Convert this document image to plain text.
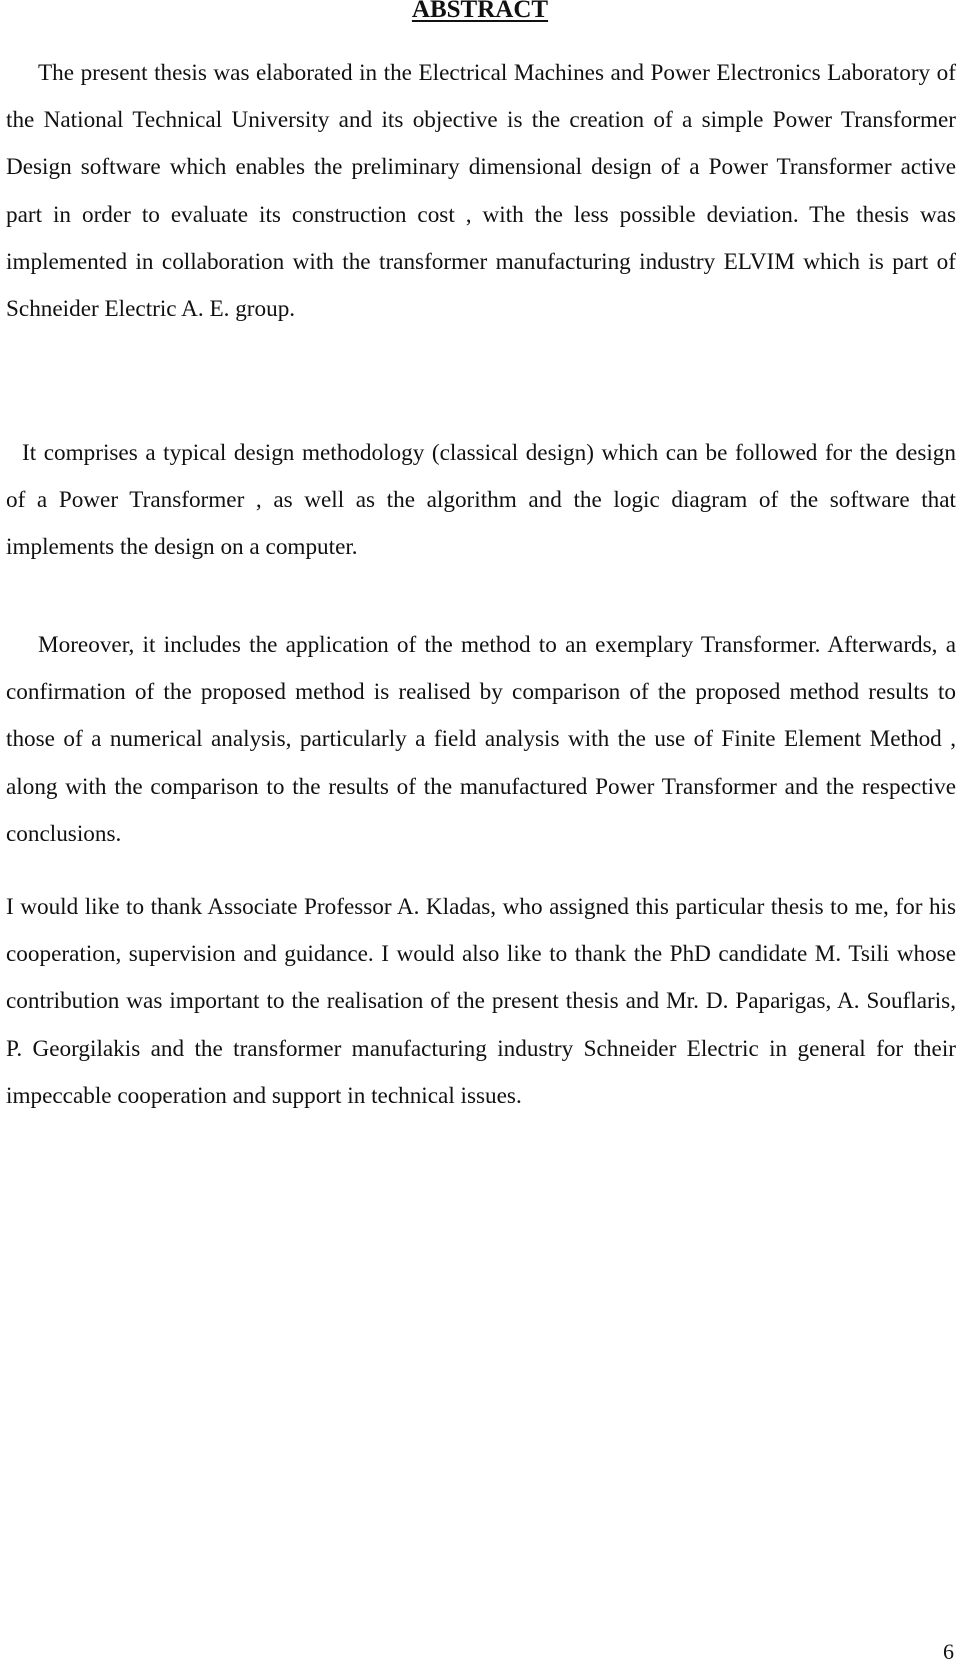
ABSTRACT

The present thesis was elaborated in the Electrical Machines and Power Electronics Laboratory of the National Technical University and its objective is the creation of a simple Power Transformer Design software which enables the preliminary dimensional design of a Power Transformer active part in order to evaluate its construction cost , with the less possible deviation. The thesis was implemented in collaboration with the transformer manufacturing industry ELVIM which is part of Schneider Electric A. E. group.

It comprises a typical design methodology (classical design) which can be followed for the design of a Power Transformer , as well as the algorithm and the logic diagram of the software that implements the design on a computer.

Moreover, it includes the application of the method to an exemplary Transformer. Afterwards, a confirmation of the proposed method is realised by comparison of the proposed method results to those of a numerical analysis, particularly a field analysis with the use of Finite Element Method , along with the comparison to the results of the manufactured Power Transformer and the respective conclusions.

I would like to thank Associate Professor A. Kladas, who assigned this particular thesis to me, for his cooperation, supervision and guidance. I would also like to thank the PhD candidate M. Tsili whose contribution was important to the realisation of the present thesis and Mr. D. Paparigas, A. Souflaris, P. Georgilakis and the transformer manufacturing industry Schneider Electric in general for their impeccable cooperation and support in technical issues.

6
